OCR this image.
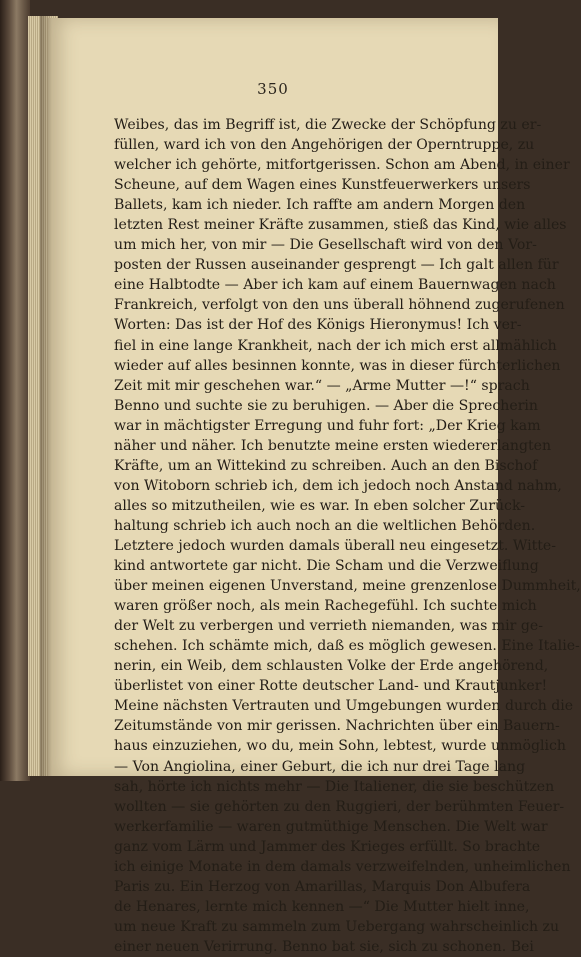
350
Weibes, das im Begriff ist, die Zwecke der Schöpfung zu er-
füllen, ward ich von den Angehörigen der Operntruppe, zu
welcher ich gehörte, mitfortgerissen. Schon am Abend, in einer
Scheune, auf dem Wagen eines Kunstfeuerwerkers unsers
Ballets, kam ich nieder. Ich raffte am andern Morgen den
letzten Rest meiner Kräfte zusammen, stieß das Kind, wie alles
um mich her, von mir — Die Gesellschaft wird von den Vor-
posten der Russen auseinander gesprengt — Ich galt allen für
eine Halbtodte — Aber ich kam auf einem Bauernwagen nach
Frankreich, verfolgt von den uns überall höhnend zugerufenen
Worten: Das ist der Hof des Königs Hieronymus! Ich ver-
fiel in eine lange Krankheit, nach der ich mich erst allmählich
wieder auf alles besinnen konnte, was in dieser fürchterlichen
Zeit mit mir geschehen war.“ — „Arme Mutter —!“ sprach
Benno und suchte sie zu beruhigen. — Aber die Sprecherin
war in mächtigster Erregung und fuhr fort: „Der Krieg kam
näher und näher. Ich benutzte meine ersten wiedererlangten
Kräfte, um an Wittekind zu schreiben. Auch an den Bischof
von Witoborn schrieb ich, dem ich jedoch noch Anstand nahm,
alles so mitzutheilen, wie es war. In eben solcher Zurück-
haltung schrieb ich auch noch an die weltlichen Behörden.
Letztere jedoch wurden damals überall neu eingesetzt. Witte-
kind antwortete gar nicht. Die Scham und die Verzweiflung
über meinen eigenen Unverstand, meine grenzenlose Dummheit,
waren größer noch, als mein Rachegefühl. Ich suchte mich
der Welt zu verbergen und verrieth niemanden, was mir ge-
schehen. Ich schämte mich, daß es möglich gewesen. Eine Italie-
nerin, ein Weib, dem schlausten Volke der Erde angehörend,
überlistet von einer Rotte deutscher Land- und Krautjunker!
Meine nächsten Vertrauten und Umgebungen wurden durch die
Zeitumstände von mir gerissen. Nachrichten über ein Bauern-
haus einzuziehen, wo du, mein Sohn, lebtest, wurde unmöglich
— Von Angiolina, einer Geburt, die ich nur drei Tage lang
sah, hörte ich nichts mehr — Die Italiener, die sie beschützen
wollten — sie gehörten zu den Ruggieri, der berühmten Feuer-
werkerfamilie — waren gutmüthige Menschen. Die Welt war
ganz vom Lärm und Jammer des Krieges erfüllt. So brachte
ich einige Monate in dem damals verzweifelnden, unheimlichen
Paris zu. Ein Herzog von Amarillas, Marquis Don Albufera
de Henares, lernte mich kennen —“ Die Mutter hielt inne,
um neue Kraft zu sammeln zum Uebergang wahrscheinlich zu
einer neuen Verirrung. Benno bat sie, sich zu schonen. Bei
